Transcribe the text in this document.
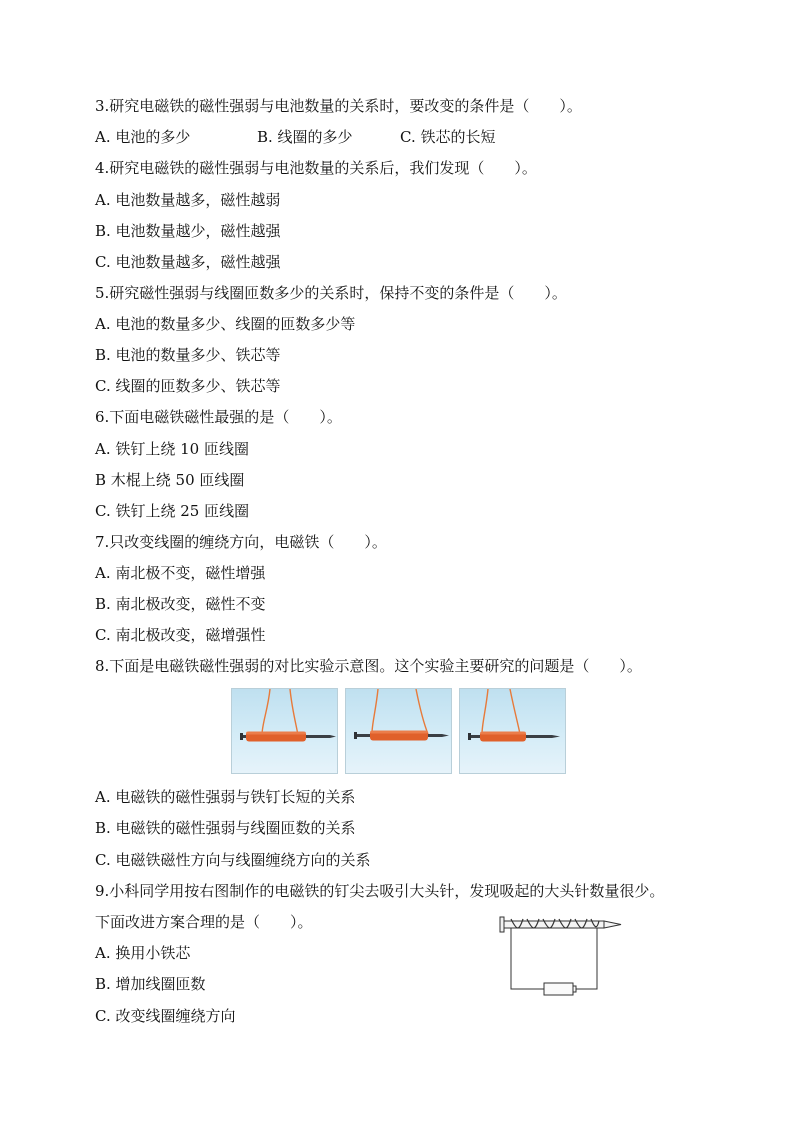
3.研究电磁铁的磁性强弱与电池数量的关系时，要改变的条件是（　　）。
A. 电池的多少	B. 线圈的多少	C. 铁芯的长短
4.研究电磁铁的磁性强弱与电池数量的关系后，我们发现（　　）。
A. 电池数量越多，磁性越弱
B. 电池数量越少，磁性越强
C. 电池数量越多，磁性越强
5.研究磁性强弱与线圈匝数多少的关系时，保持不变的条件是（　　）。
A. 电池的数量多少、线圈的匝数多少等
B. 电池的数量多少、铁芯等
C. 线圈的匝数多少、铁芯等
6.下面电磁铁磁性最强的是（　　）。
A. 铁钉上绕 10 匝线圈
B 木棍上绕 50 匝线圈
C. 铁钉上绕 25 匝线圈
7.只改变线圈的缠绕方向，电磁铁（　　）。
A. 南北极不变，磁性增强
B. 南北极改变，磁性不变
C. 南北极改变，磁增强性
8.下面是电磁铁磁性强弱的对比实验示意图。这个实验主要研究的问题是（　　）。
A. 电磁铁的磁性强弱与铁钉长短的关系
B. 电磁铁的磁性强弱与线圈匝数的关系
C. 电磁铁磁性方向与线圈缠绕方向的关系
9.小科同学用按右图制作的电磁铁的钉尖去吸引大头针，发现吸起的大头针数量很少。
下面改进方案合理的是（　　）。
A. 换用小铁芯
B. 增加线圈匝数
C. 改变线圈缠绕方向
